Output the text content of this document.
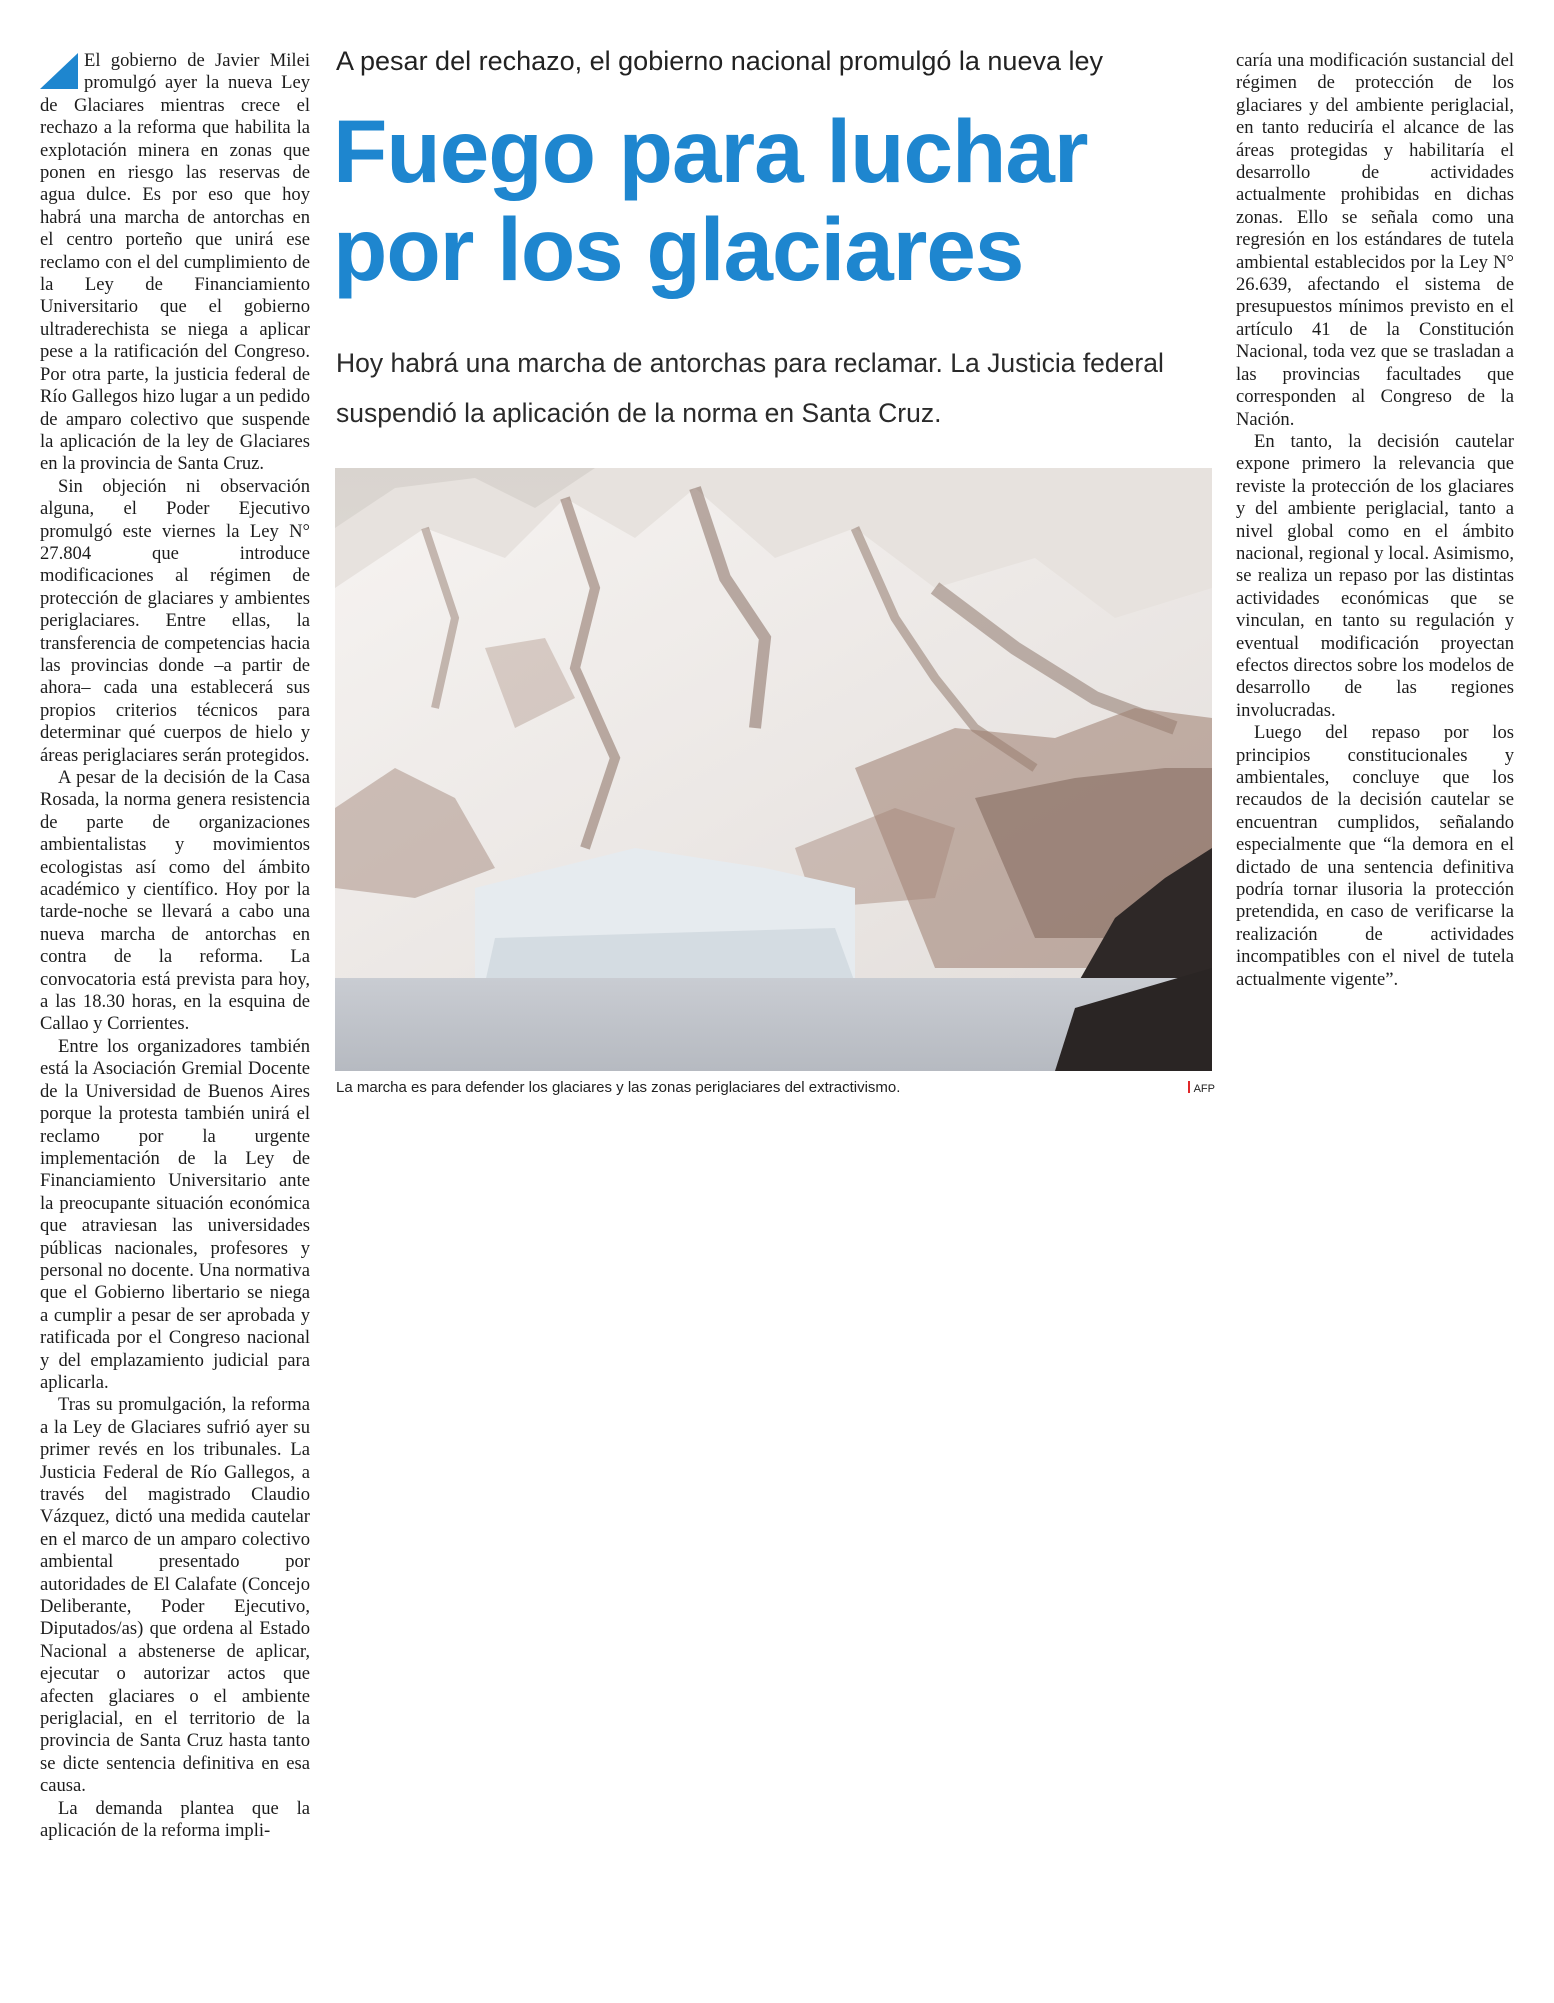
El gobierno de Javier Milei promulgó ayer la nueva Ley de Glaciares mientras crece el rechazo a la reforma que habilita la explotación minera en zonas que ponen en riesgo las reservas de agua dulce. Es por eso que hoy habrá una marcha de antorchas en el centro porteño que unirá ese reclamo con el del cumplimiento de la Ley de Financiamiento Universitario que el gobierno ultraderechista se niega a aplicar pese a la ratificación del Congreso. Por otra parte, la justicia federal de Río Gallegos hizo lugar a un pedido de amparo colectivo que suspende la aplicación de la ley de Glaciares en la provincia de Santa Cruz.

Sin objeción ni observación alguna, el Poder Ejecutivo promulgó este viernes la Ley N° 27.804 que introduce modificaciones al régimen de protección de glaciares y ambientes periglaciares. Entre ellas, la transferencia de competencias hacia las provincias donde –a partir de ahora– cada una establecerá sus propios criterios técnicos para determinar qué cuerpos de hielo y áreas periglaciares serán protegidos.

A pesar de la decisión de la Casa Rosada, la norma genera resistencia de parte de organizaciones ambientalistas y movimientos ecologistas así como del ámbito académico y científico. Hoy por la tarde-noche se llevará a cabo una nueva marcha de antorchas en contra de la reforma. La convocatoria está prevista para hoy, a las 18.30 horas, en la esquina de Callao y Corrientes.

Entre los organizadores también está la Asociación Gremial Docente de la Universidad de Buenos Aires porque la protesta también unirá el reclamo por la urgente implementación de la Ley de Financiamiento Universitario ante la preocupante situación económica que atraviesan las universidades públicas nacionales, profesores y personal no docente. Una normativa que el Gobierno libertario se niega a cumplir a pesar de ser aprobada y ratificada por el Congreso nacional y del emplazamiento judicial para aplicarla.

Tras su promulgación, la reforma a la Ley de Glaciares sufrió ayer su primer revés en los tribunales. La Justicia Federal de Río Gallegos, a través del magistrado Claudio Vázquez, dictó una medida cautelar en el marco de un amparo colectivo ambiental presentado por autoridades de El Calafate (Concejo Deliberante, Poder Ejecutivo, Diputados/as) que ordena al Estado Nacional a abstenerse de aplicar, ejecutar o autorizar actos que afecten glaciares o el ambiente periglacial, en el territorio de la provincia de Santa Cruz hasta tanto se dicte sentencia definitiva en esa causa.

La demanda plantea que la aplicación de la reforma impli-

A pesar del rechazo, el gobierno nacional promulgó la nueva ley
Fuego para luchar por los glaciares

Hoy habrá una marcha de antorchas para reclamar. La Justicia federal suspendió la aplicación de la norma en Santa Cruz.

La marcha es para defender los glaciares y las zonas periglaciares del extractivismo.	AFP

caría una modificación sustancial del régimen de protección de los glaciares y del ambiente periglacial, en tanto reduciría el alcance de las áreas protegidas y habilitaría el desarrollo de actividades actualmente prohibidas en dichas zonas. Ello se señala como una regresión en los estándares de tutela ambiental establecidos por la Ley N° 26.639, afectando el sistema de presupuestos mínimos previsto en el artículo 41 de la Constitución Nacional, toda vez que se trasladan a las provincias facultades que corresponden al Congreso de la Nación.

En tanto, la decisión cautelar expone primero la relevancia que reviste la protección de los glaciares y del ambiente periglacial, tanto a nivel global como en el ámbito nacional, regional y local. Asimismo, se realiza un repaso por las distintas actividades económicas que se vinculan, en tanto su regulación y eventual modificación proyectan efectos directos sobre los modelos de desarrollo de las regiones involucradas.

Luego del repaso por los principios constitucionales y ambientales, concluye que los recaudos de la decisión cautelar se encuentran cumplidos, señalando especialmente que “la demora en el dictado de una sentencia definitiva podría tornar ilusoria la protección pretendida, en caso de verificarse la realización de actividades incompatibles con el nivel de tutela actualmente vigente”.
